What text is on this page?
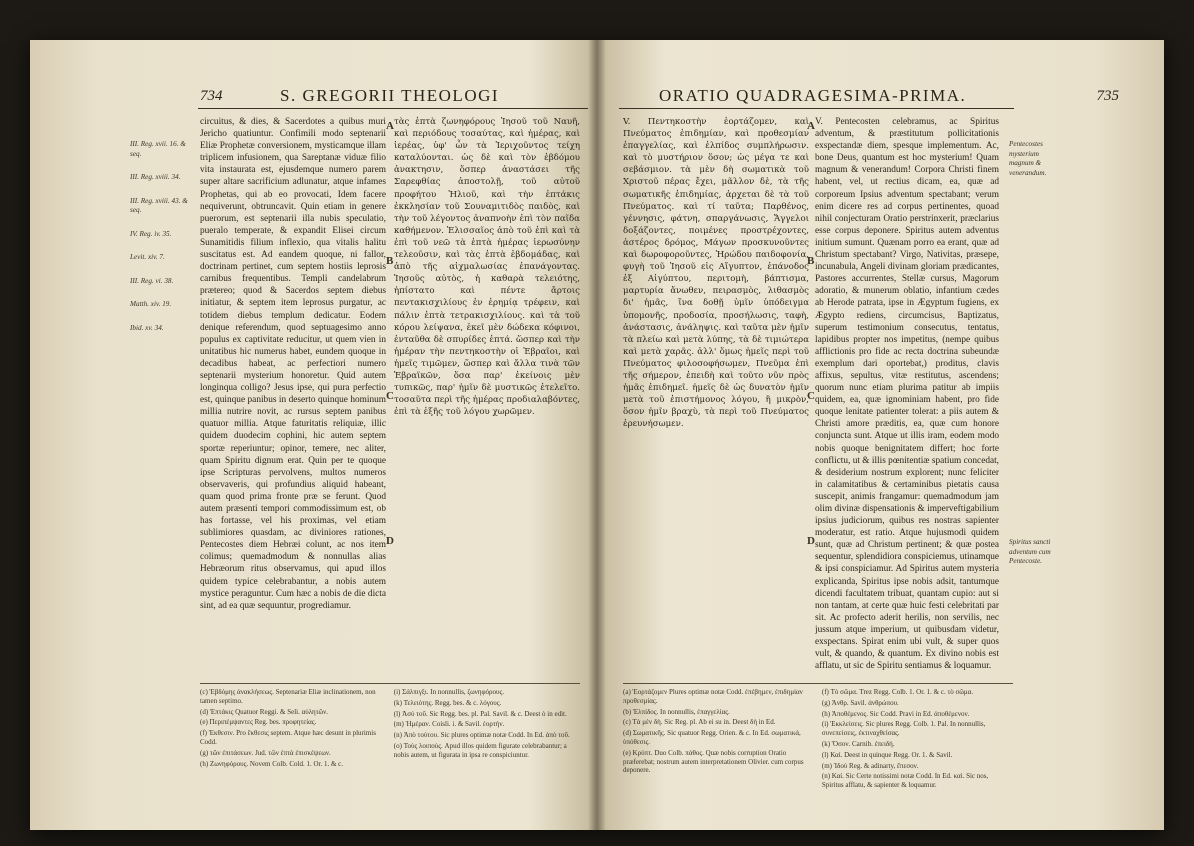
734	S. GREGORII THEOLOGI
III. Reg. xvii. 16. & seq.
III. Reg. xviii. 34.
III. Reg. xviii. 43. & seq.
IV. Reg. iv. 35.
Levit. xiv. 7.
III. Reg. vi. 38.
Matth. xiv. 19.
Ibid. xv. 34.
circuitus, & dies, & Sacerdotes a quibus muri Jericho quatiuntur. Confimili modo septenarii Eliæ Prophetæ conversionem, mysticamque illam triplicem infusionem, qua Sareptanæ viduæ filio vita instaurata est, ejusdemque numero parem super altare sacrificium adlunatur, atque infames Prophetas, qui ab eo provocati, Idem facere nequiverunt, obtruncavit. Quin etiam in genere puerorum, est septenarii illa nubis speculatio, pueralo temperate, & expandit Elisei circum Sunamitidis filium inflexio, qua vitalis halitu suscitatus est. Ad eandem quoque, ni fallor, doctrinam pertinet, cum septem hostiis leprosis carnibus frequentibus. Templi candelabrum prætereo; quod & Sacerdos septem diebus initiatur, & septem item leprosus purgatur, ac totidem diebus templum dedicatur. Eodem denique referendum, quod septuagesimo anno populus ex captivitate reducitur, ut quem vien in unitatibus hic numerus habet, eundem quoque in decadibus habeat, ac perfectiori numero septenarii mysterium honoretur. Quid autem longinqua colligo? Jesus ipse, qui pura perfectio est, quinque panibus in deserto quinque hominum millia nutrire novit, ac rursus septem panibus quatuor millia. Atque faturitatis reliquiæ, illic quidem duodecim cophini, hic autem septem sportæ reperiuntur; opinor, temere, nec aliter, quam Spiritu dignum erat. Quin per te quoque ipse Scripturas pervolvens, multos numeros observaveris, qui profundius aliquid habeant, quam quod prima fronte præ se ferunt. Quod autem præsenti tempori commodissimum est, ob has fortasse, vel his proximas, vel etiam sublimiores quasdam, ac diviniores rationes, Pentecostes diem Hebræi colunt, ac nos item colimus; quemadmodum & nonnullas alias Hebræorum ritus observamus, qui apud illos quidem typice celebrabantur, a nobis autem mystice peraguntur. Cum hæc a nobis de die dicta sint, ad ea quæ sequuntur, progrediamur.
τὰς ἑπτὰ ζωνηφόρους Ἰησοῦ τοῦ Ναυῆ, καὶ περιόδους τοσαύτας, καὶ ἡμέρας, καὶ ἱερέας, ὑφ' ὧν τὰ Ἱεριχοῦντος τείχη καταλύονται. ὡς δὲ καὶ τὸν ἑβδόμου ἀνακτησιν, ὅσπερ ἀναστάσει τῆς Σαρεφθίας ἀποστολῇ, τοῦ αὐτοῦ προφήτου Ἠλιοῦ, καὶ τὴν ἑπτάκις ἐκκλησίαν τοῦ Σουναμιτιδὸς παιδὸς, καὶ τὴν τοῦ λέγοντος ἀναπνοὴν ἐπὶ τὸν παῖδα καθήμενον. Ἐλισσαῖος ἀπὸ τοῦ ἐπὶ καὶ τὰ ἐπὶ τοῦ νεῶ τὰ ἑπτὰ ἡμέρας ἱερωσύνην τελεοῦσιν, καὶ τὰς ἑπτὰ ἑβδομάδας, καὶ ἀπὸ τῆς αἰχμαλωσίας ἐπανάγοντας. Ἰησοῦς αὐτὸς, ἡ καθαρὰ τελειότης, ἠπίστατο καὶ πέντε ἄρτοις πεντακισχιλίους ἐν ἐρημίᾳ τρέφειν, καὶ πάλιν ἑπτὰ τετρακισχιλίους. καὶ τὰ τοῦ κόρου λείψανα, ἐκεῖ μὲν δώδεκα κόφινοι, ἐνταῦθα δὲ σπυρίδες ἑπτά. ὥσπερ καὶ τὴν ἡμέραν τὴν πεντηκοστὴν οἱ Ἑβραῖοι, καὶ ἡμεῖς τιμῶμεν, ὥσπερ καὶ ἄλλα τινὰ τῶν Ἑβραϊκῶν, ὅσα παρ' ἐκείνοις μὲν τυπικῶς, παρ' ἡμῖν δὲ μυστικῶς ἐτελεῖτο. τοσαῦτα περὶ τῆς ἡμέρας προδιαλαβόντες, ἐπὶ τὰ ἑξῆς τοῦ λόγου χωρῶμεν.
A
B
C
D

(c) Ἑβδόμης ἀνακλήσεως. Septenariæ Eliæ inclinationem, non tamen septimo.

(d) Ἑπτάκις Quatuor Reggi. & Seli. αὐλητῶν.

(e) Περιπέμψαντες Reg. bes. προφητείας.

(f) Ἐκθεσιν. Pro ἔκθεσις septem. Atque hæc desunt in plurimis Codd.

(g) τῶν ἐπιτάσεων. Jud. τῶν ἑπτὰ ἐπισκέψεων.

(h) Ζωνηφόρους. Novem Colb. Cold. 1. Or. 1. & c.

(i) Σάλπιγξι. In nonnullis, ζωνηφόρους.

(k) Τελειότης. Regg. bes. & c. λόγους.

(l) Ἀσύ τοῦ. Sic Regg. bes. pl. Pal. Savil. & c. Deest ὁ in edit.

(m) Ἡμέραν. Coisli. i. & Savil. ἑορτήν.

(n) Ἀπὸ τούτου. Sic plures optimæ notæ Codd. In Ed. ἀπὸ τοῦ.

(o) Τοὺς λοιποὺς. Apud illos quidem figurate celebrabantur; a nobis autem, ut figurata in ipsa re conspiciuntur.

ORATIO QUADRAGESIMA-PRIMA.	735
V. Πεντηκοστὴν ἑορτάζομεν, καὶ Πνεύματος ἐπιδημίαν, καὶ προθεσμίαν ἐπαγγελίας, καὶ ἐλπίδος συμπλήρωσιν. καὶ τὸ μυστήριον ὅσον; ὡς μέγα τε καὶ σεβάσμιον. τὰ μὲν δὴ σωματικὰ τοῦ Χριστοῦ πέρας ἔχει, μᾶλλον δὲ, τὰ τῆς σωματικῆς ἐπιδημίας, ἀρχεται δὲ τὰ τοῦ Πνεύματος. καὶ τί ταῦτα; Παρθένος, γέννησις, φάτνη, σπαργάνωσις, Ἄγγελοι δοξάζοντες, ποιμένες προστρέχοντες, ἀστέρος δρόμος, Μάγων προσκυνοῦντες καὶ δωροφοροῦντες, Ἡρώδου παιδοφονία, φυγὴ τοῦ Ἰησοῦ εἰς Αἴγυπτον, ἐπάνοδος ἐξ Αἰγύπτου, περιτομὴ, βάπτισμα, μαρτυρία ἄνωθεν, πειρασμὸς, λιθασμὸς δι' ἡμᾶς, ἵνα δοθῇ ὑμῖν ὑπόδειγμα ὑπομονῆς, προδοσία, προσήλωσις, ταφὴ, ἀνάστασις, ἀνάληψις. καὶ ταῦτα μὲν ἡμῖν τὰ πλείω καὶ μετὰ λύπης, τὰ δὲ τιμιώτερα καὶ μετὰ χαρᾶς. ἀλλ' ὅμως ἡμεῖς περὶ τοῦ Πνεύματος φιλοσοφήσωμεν, Πνεῦμα ἐπὶ τῆς σήμερον, ἐπειδὴ καὶ τοῦτο νῦν πρὸς ἡμᾶς ἐπιδημεῖ. ἡμεῖς δὲ ὡς δυνατὸν ἡμῖν μετὰ τοῦ ἐπιστήμονος λόγου, ἢ μικρὸν, ὅσον ἡμῖν βραχὺ, τὰ περὶ τοῦ Πνεύματος ἐρευνήσωμεν.
V. Pentecosten celebramus, ac Spiritus adventum, & præstitutum pollicitationis exspectandæ diem, spesque implementum. Ac, bone Deus, quantum est hoc mysterium! Quam magnum & venerandum! Corpora Christi finem habent, vel, ut rectius dicam, ea, quæ ad corporeum Ipsius adventum spectabant; verum enim dicere res ad corpus pertinentes, quoad nihil conjecturam Oratio perstrinxerit, præclarius esse corpus deponere. Spiritus autem adventus initium sumunt. Quænam porro ea erant, quæ ad Christum spectabant? Virgo, Nativitas, præsepe, incunabula, Angeli divinam gloriam prædicantes, Pastores accurrentes, Stellæ cursus, Magorum adoratio, & munerum oblatio, infantium cædes ab Herode patrata, ipse in Ægyptum fugiens, ex Ægypto rediens, circumcisus, Baptizatus, superum testimonium consecutus, tentatus, lapidibus propter nos impetitus, (nempe quibus afflictionis pro fide ac recta doctrina subeundæ exemplum dari oportebat,) proditus, clavis affixus, sepultus, vitæ restitutus, ascendens; quorum nunc etiam plurima patitur ab impiis quidem, ea, quæ ignominiam habent, pro fide quoque lenitate patienter tolerat: a piis autem & Christi amore præditis, ea, quæ cum honore conjuncta sunt. Atque ut illis iram, eodem modo nobis quoque benignitatem differt; hoc forte conflictu, ut & illis pœnitentiæ spatium concedat, & desiderium nostrum explorent; nunc feliciter in calamitatibus & certaminibus pietatis causa suscepit, animis frangamur: quemadmodum jam olim divinæ dispensationis & imperveftigabilium ipsius judiciorum, quibus res nostras sapienter moderatur, est ratio. Atque hujusmodi quidem sunt, quæ ad Christum pertinent; & quæ postea sequentur, splendidiora conspiciemus, utinamque & ipsi conspiciamur. Ad Spiritus autem mysteria explicanda, Spiritus ipse nobis adsit, tantumque dicendi facultatem tribuat, quantam cupio: aut si non tantam, at certe quæ huic festi celebritati par sit. Ac profecto aderit herilis, non servilis, nec jussum atque imperium, ut quibusdam videtur, exspectans. Spirat enim ubi vult, & super quos vult, & quando, & quantum. Ex divino nobis est afflatu, ut sic de Spiritu sentiamus & loquamur.
A
B
C
D
Pentecostes mysterium magnum & venerandum.
Spiritus sancti adventum cum Pentecoste.

(a) Ἑορτάζομεν Plures optimæ notæ Codd. ἐπέβημεν, ἐπιδημίαν προθεσμίας.

(b) Ἐλπίδος. In nonnullis, ἐπαγγελίας.

(c) Τὰ μὲν δὴ. Sic Reg. pl. Ab ei su in. Deest δὴ in Ed.

(d) Σωματικῆς. Sic quatuor Regg. Orien. & c. In Ed. σωματικά, ὑπόθεσις.

(e) Κρύπτ. Duo Colb. πάθος. Quæ nobis corruption Oratio præferebat; nostrum autem interpretationem Olivier. cum corpus deponere.

(f) Τὸ σῶμα. Trez Regg. Colb. 1. Or. 1. & c. τὸ σῶμα.

(g) Ἀνθρ. Savil. ἀνθρώπου.

(h) Ἀποθέμενος. Sic Codd. Pravi in Ed. ἀποθέμενον.

(i) Ἐκκλείσεις. Sic plures Regg. Colb. 1. Pal. In nonnullis, συνεπείσεις, ἐκτιναχθείσας.

(k) Ὅσον. Carnib. ἐπειδή.

(l) Καί. Deest in quinque Regg. Or. 1. & Savil.

(m) Ἰδοὺ Reg. & adinarty, ἔπεσον.

(n) Καί. Sic Certe notissimi notæ Codd. In Ed. καί. Sic nos, Spiritus afflatu, & sapienter & loquamur.
